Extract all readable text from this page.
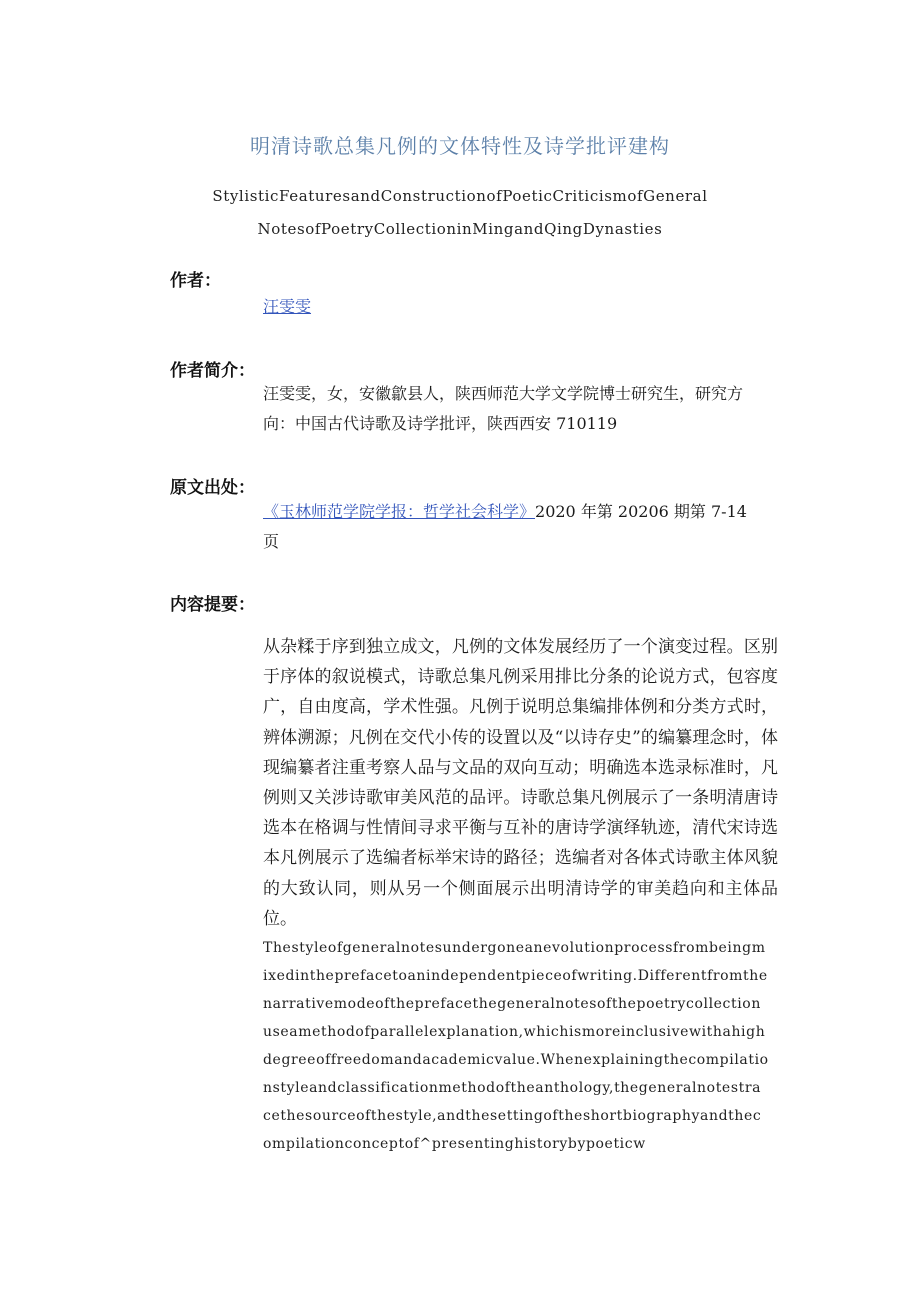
明清诗歌总集凡例的文体特性及诗学批评建构

StylisticFeaturesandConstructionofPoeticCriticismofGeneral

NotesofPoetryCollectioninMingandQingDynasties

作者：

汪雯雯

作者简介：

汪雯雯，女，安徽歙县人，陕西师范大学文学院博士研究生，研究方向：中国古代诗歌及诗学批评，陕西西安 710119

原文出处：

《玉林师范学院学报：哲学社会科学》2020 年第 20206 期第 7-14 页

内容提要：

从杂糅于序到独立成文，凡例的文体发展经历了一个演变过程。区别于序体的叙说模式，诗歌总集凡例采用排比分条的论说方式，包容度广，自由度高，学术性强。凡例于说明总集编排体例和分类方式时，辨体溯源；凡例在交代小传的设置以及“以诗存史”的编纂理念时，体现编纂者注重考察人品与文品的双向互动；明确选本选录标准时，凡例则又关涉诗歌审美风范的品评。诗歌总集凡例展示了一条明清唐诗选本在格调与性情间寻求平衡与互补的唐诗学演绎轨迹，清代宋诗选本凡例展示了选编者标举宋诗的路径；选编者对各体式诗歌主体风貌的大致认同，则从另一个侧面展示出明清诗学的审美趋向和主体品位。

Thestyleofgeneralnotesundergoneanevolutionprocessfrombeingmixedintheprefacetoanindependentpieceofwriting.Differentfromthenarrativemodeoftheprefacethegeneralnotesofthepoetrycollectionuseamethodofparallelexplanation,whichismoreinclusivewithahighdegreeoffreedomandacademicvalue.Whenexplainingthecompilationstyleandclassificationmethodoftheanthology,thegeneralnotestracethesourceofthestyle,andthesettingoftheshortbiographyandthecompilationconceptof^presentinghistorybypoeticw
